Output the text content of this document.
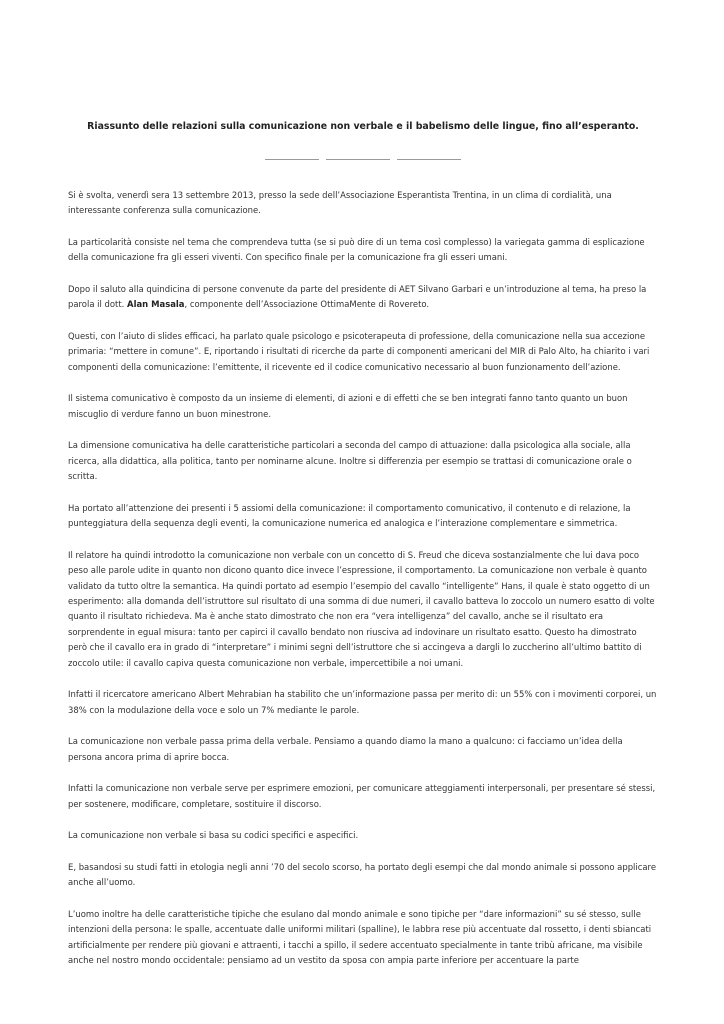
Riassunto delle relazioni sulla comunicazione non verbale e il babelismo delle lingue, fino all’esperanto.

Si è svolta, venerdì sera 13 settembre 2013, presso la sede dell’Associazione Esperantista Trentina, in un clima di cordialità, una interessante conferenza sulla comunicazione.

La particolarità consiste nel tema che comprendeva tutta (se si può dire di un tema così complesso) la variegata gamma di esplicazione della comunicazione fra gli esseri viventi. Con specifico finale per la comunicazione fra gli esseri umani.

Dopo il saluto alla quindicina di persone convenute da parte del presidente di AET Silvano Garbari e un’introduzione al tema, ha preso la parola il dott. Alan Masala, componente dell’Associazione OttimaMente di Rovereto.

Questi, con l’aiuto di slides efficaci, ha parlato quale psicologo e psicoterapeuta di professione, della comunicazione nella sua accezione primaria: “mettere in comune”. E, riportando i risultati di ricerche da parte di componenti americani del MIR di Palo Alto, ha chiarito i vari componenti della comunicazione: l’emittente, il ricevente ed il codice comunicativo necessario al buon funzionamento dell’azione.

Il sistema comunicativo è composto da un insieme di elementi, di azioni e di effetti che se ben integrati fanno tanto quanto un buon miscuglio di verdure fanno un buon minestrone.

La dimensione comunicativa ha delle caratteristiche particolari a seconda del campo di attuazione: dalla psicologica alla sociale, alla ricerca, alla didattica, alla politica, tanto per nominarne alcune. Inoltre si differenzia per esempio se trattasi di comunicazione orale o scritta.

Ha portato all’attenzione dei presenti i 5 assiomi della comunicazione: il comportamento comunicativo, il contenuto e di relazione, la punteggiatura della sequenza degli eventi, la comunicazione numerica ed analogica e l’interazione complementare e simmetrica.

Il relatore ha quindi introdotto la comunicazione non verbale con un concetto di S. Freud che diceva sostanzialmente che lui dava poco peso alle parole udite in quanto non dicono quanto dice invece l’espressione, il comportamento. La comunicazione non verbale è quanto validato da tutto oltre la semantica. Ha quindi portato ad esempio l’esempio del cavallo “intelligente” Hans, il quale è stato oggetto di un esperimento: alla domanda dell’istruttore sul risultato di una somma di due numeri, il cavallo batteva lo zoccolo un numero esatto di volte quanto il risultato richiedeva. Ma è anche stato dimostrato che non era “vera intelligenza” del cavallo, anche se il risultato era sorprendente in egual misura: tanto per capirci il cavallo bendato non riusciva ad indovinare un risultato esatto. Questo ha dimostrato però che il cavallo era in grado di “interpretare” i minimi segni dell’istruttore che si accingeva a dargli lo zuccherino all’ultimo battito di zoccolo utile: il cavallo capiva questa comunicazione non verbale, impercettibile a noi umani.

Infatti il ricercatore americano Albert Mehrabian ha stabilito che un’informazione passa per merito di: un 55% con i movimenti corporei, un 38% con la modulazione della voce e solo un 7% mediante le parole.

La comunicazione non verbale passa prima della verbale. Pensiamo a quando diamo la mano a qualcuno: ci facciamo un’idea della persona ancora prima di aprire bocca.

Infatti la comunicazione non verbale serve per esprimere emozioni, per comunicare atteggiamenti interpersonali, per presentare sé stessi, per sostenere, modificare, completare, sostituire il discorso.

La comunicazione non verbale si basa su codici specifici e aspecifici.

E, basandosi su studi fatti in etologia negli anni ’70 del secolo scorso, ha portato degli esempi che dal mondo animale si possono applicare anche all’uomo.

L’uomo inoltre ha delle caratteristiche tipiche che esulano dal mondo animale e sono tipiche per “dare informazioni” su sé stesso, sulle intenzioni della persona: le spalle, accentuate dalle uniformi militari (spalline), le labbra rese più accentuate dal rossetto, i denti sbiancati artificialmente per rendere più giovani e attraenti, i tacchi a spillo, il sedere accentuato specialmente in tante tribù africane, ma visibile anche nel nostro mondo occidentale: pensiamo ad un vestito da sposa con ampia parte inferiore per accentuare la parte
